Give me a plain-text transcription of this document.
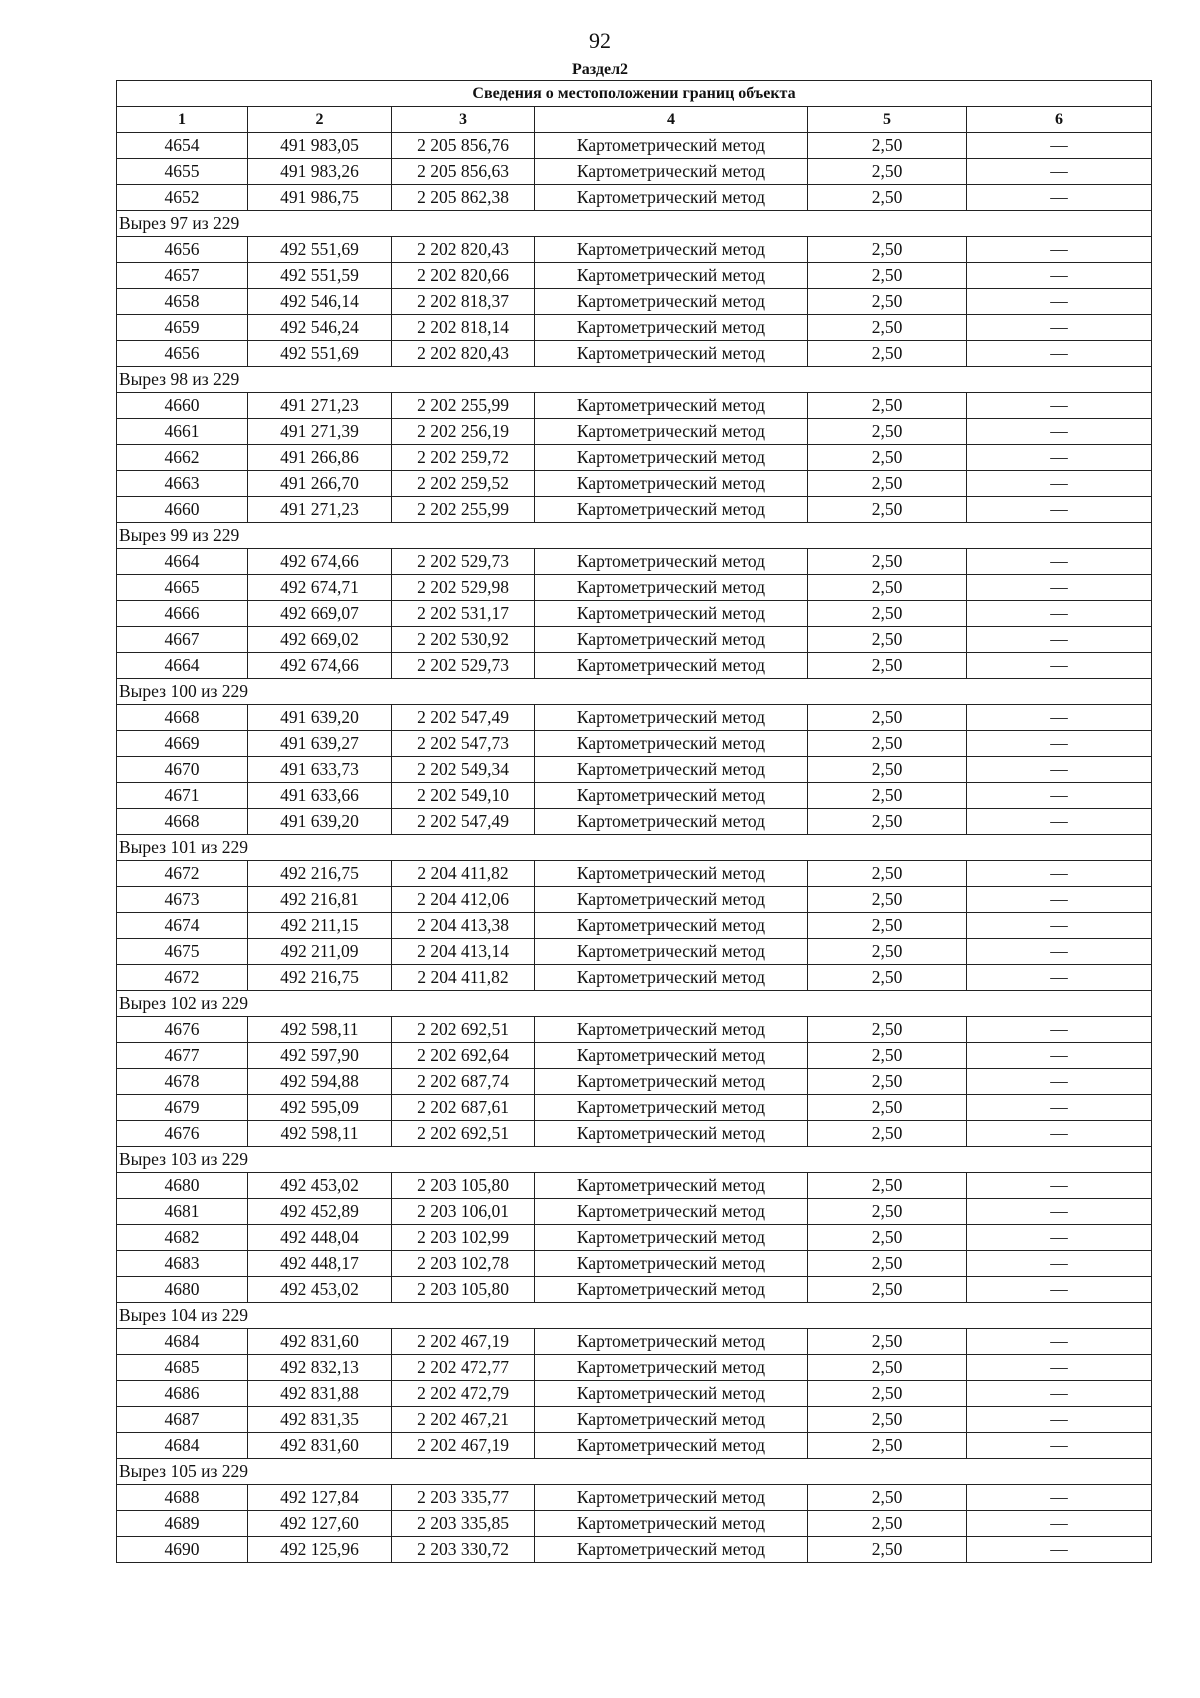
92
Раздел2
Сведения о местоположении границ объекта					
1	2	3	4	5	6
4654	491 983,05	2 205 856,76	Картометрический метод	2,50	—
4655	491 983,26	2 205 856,63	Картометрический метод	2,50	—
4652	491 986,75	2 205 862,38	Картометрический метод	2,50	—
Вырез 97 из 229					
4656	492 551,69	2 202 820,43	Картометрический метод	2,50	—
4657	492 551,59	2 202 820,66	Картометрический метод	2,50	—
4658	492 546,14	2 202 818,37	Картометрический метод	2,50	—
4659	492 546,24	2 202 818,14	Картометрический метод	2,50	—
4656	492 551,69	2 202 820,43	Картометрический метод	2,50	—
Вырез 98 из 229					
4660	491 271,23	2 202 255,99	Картометрический метод	2,50	—
4661	491 271,39	2 202 256,19	Картометрический метод	2,50	—
4662	491 266,86	2 202 259,72	Картометрический метод	2,50	—
4663	491 266,70	2 202 259,52	Картометрический метод	2,50	—
4660	491 271,23	2 202 255,99	Картометрический метод	2,50	—
Вырез 99 из 229					
4664	492 674,66	2 202 529,73	Картометрический метод	2,50	—
4665	492 674,71	2 202 529,98	Картометрический метод	2,50	—
4666	492 669,07	2 202 531,17	Картометрический метод	2,50	—
4667	492 669,02	2 202 530,92	Картометрический метод	2,50	—
4664	492 674,66	2 202 529,73	Картометрический метод	2,50	—
Вырез 100 из 229					
4668	491 639,20	2 202 547,49	Картометрический метод	2,50	—
4669	491 639,27	2 202 547,73	Картометрический метод	2,50	—
4670	491 633,73	2 202 549,34	Картометрический метод	2,50	—
4671	491 633,66	2 202 549,10	Картометрический метод	2,50	—
4668	491 639,20	2 202 547,49	Картометрический метод	2,50	—
Вырез 101 из 229					
4672	492 216,75	2 204 411,82	Картометрический метод	2,50	—
4673	492 216,81	2 204 412,06	Картометрический метод	2,50	—
4674	492 211,15	2 204 413,38	Картометрический метод	2,50	—
4675	492 211,09	2 204 413,14	Картометрический метод	2,50	—
4672	492 216,75	2 204 411,82	Картометрический метод	2,50	—
Вырез 102 из 229					
4676	492 598,11	2 202 692,51	Картометрический метод	2,50	—
4677	492 597,90	2 202 692,64	Картометрический метод	2,50	—
4678	492 594,88	2 202 687,74	Картометрический метод	2,50	—
4679	492 595,09	2 202 687,61	Картометрический метод	2,50	—
4676	492 598,11	2 202 692,51	Картометрический метод	2,50	—
Вырез 103 из 229					
4680	492 453,02	2 203 105,80	Картометрический метод	2,50	—
4681	492 452,89	2 203 106,01	Картометрический метод	2,50	—
4682	492 448,04	2 203 102,99	Картометрический метод	2,50	—
4683	492 448,17	2 203 102,78	Картометрический метод	2,50	—
4680	492 453,02	2 203 105,80	Картометрический метод	2,50	—
Вырез 104 из 229					
4684	492 831,60	2 202 467,19	Картометрический метод	2,50	—
4685	492 832,13	2 202 472,77	Картометрический метод	2,50	—
4686	492 831,88	2 202 472,79	Картометрический метод	2,50	—
4687	492 831,35	2 202 467,21	Картометрический метод	2,50	—
4684	492 831,60	2 202 467,19	Картометрический метод	2,50	—
Вырез 105 из 229					
4688	492 127,84	2 203 335,77	Картометрический метод	2,50	—
4689	492 127,60	2 203 335,85	Картометрический метод	2,50	—
4690	492 125,96	2 203 330,72	Картометрический метод	2,50	—
